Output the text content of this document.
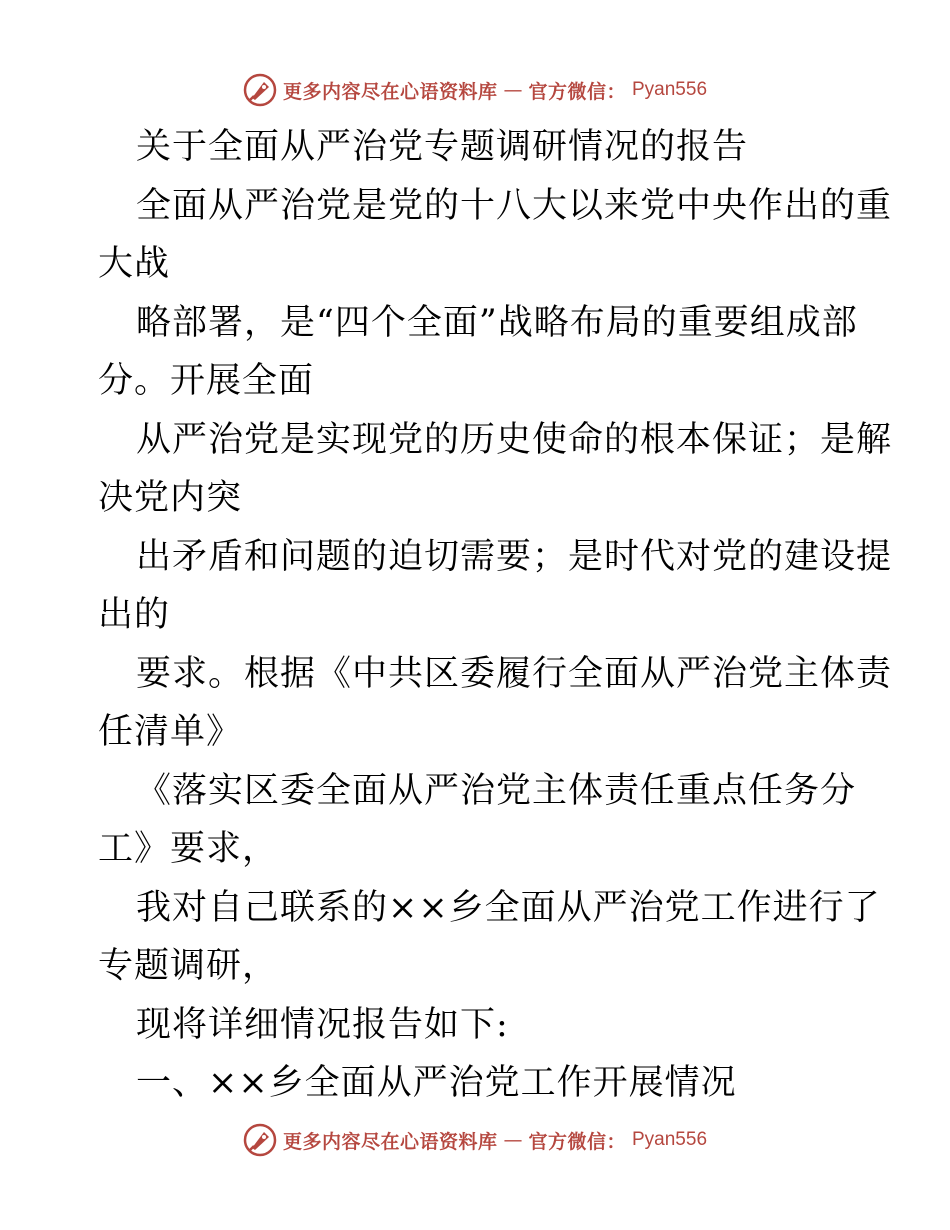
更多内容尽在心语资料库 — 官方微信： Pyan556
关于全面从严治党专题调研情况的报告
全面从严治党是党的十八大以来党中央作出的重
大战
略部署，是“四个全面”战略布局的重要组成部
分。开展全面
从严治党是实现党的历史使命的根本保证；是解
决党内突
出矛盾和问题的迫切需要；是时代对党的建设提
出的
要求。根据《中共区委履行全面从严治党主体责
任清单》
《落实区委全面从严治党主体责任重点任务分
工》要求，
我对自己联系的××乡全面从严治党工作进行了
专题调研，
现将详细情况报告如下:
一、××乡全面从严治党工作开展情况
更多内容尽在心语资料库 — 官方微信： Pyan556
